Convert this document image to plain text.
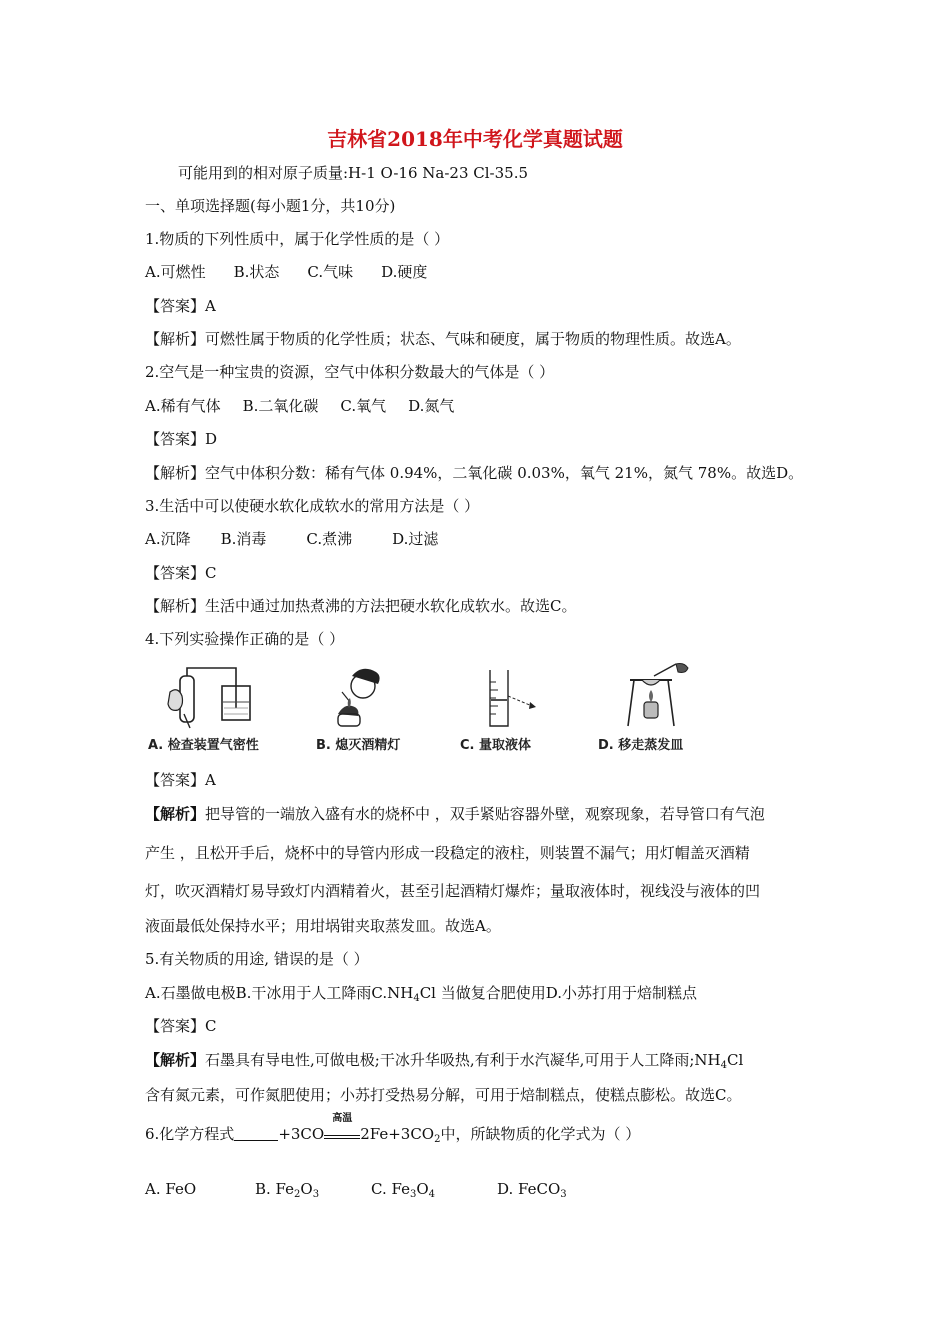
吉林省2018年中考化学真题试题
可能用到的相对原子质量:H-1 O-16 Na-23 Cl-35.5
一、单项选择题(每小题1分，共10分)
1.物质的下列性质中，属于化学性质的是（ ）
A.可燃性 B.状态 C.气味 D.硬度
【答案】A
【解析】可燃性属于物质的化学性质；状态、气味和硬度，属于物质的物理性质。故选A。
2.空气是一种宝贵的资源，空气中体积分数最大的气体是（ ）
A.稀有气体 B.二氧化碳 C.氧气 D.氮气
【答案】D
【解析】空气中体积分数：稀有气体 0.94%，二氧化碳 0.03%，氧气 21%，氮气 78%。故选D。
3.生活中可以使硬水软化成软水的常用方法是（ ）
A.沉降 B.消毒	C.煮沸	D.过滤
【答案】C
【解析】生活中通过加热煮沸的方法把硬水软化成软水。故选C。
4.下列实验操作正确的是（ ）
A. 检查装置气密性	B. 熄灭酒精灯	C. 量取液体	D. 移走蒸发皿
【答案】A
【解析】把导管的一端放入盛有水的烧杯中 ，双手紧贴容器外壁，观察现象，若导管口有气泡
产生 ，且松开手后，烧杯中的导管内形成一段稳定的液柱，则装置不漏气；用灯帽盖灭酒精
灯，吹灭酒精灯易导致灯内酒精着火，甚至引起酒精灯爆炸；量取液体时，视线没与液体的凹
液面最低处保持水平；用坩埚钳夹取蒸发皿。故选A。
5.有关物质的用途, 错误的是（ ）
A.石墨做电极B.干冰用于人工降雨$C.NH_4Cl$ 当做复合肥使用D.小苏打用于焙制糕点
【答案】C
【解析】石墨具有导电性,可做电极;干冰升华吸热,有利于水汽凝华,可用于人工降雨$;NH_4Cl$
含有氮元素，可作氮肥使用；小苏打受热易分解，可用于焙制糕点，使糕点膨松。故选C。
6.化学方程式	+3CO
高温
$2Fe+3CO_2$中，所缺物质的化学式为（ ）
A. FeO	B. $Fe_2O_3$	C. $Fe_3O_4$	D. FeCO$_3$
